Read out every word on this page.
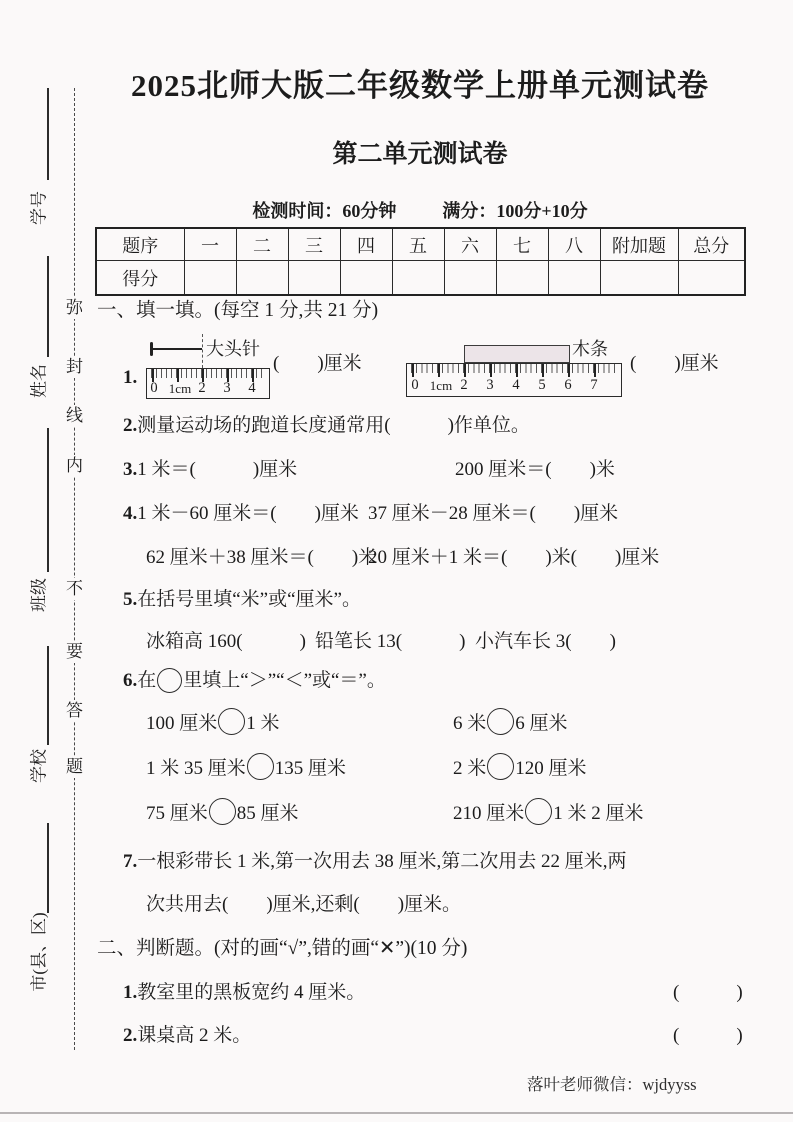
学号
姓名
班级
学校
市(县、区)
弥
封
线
内
不
要
答
题
2025北师大版二年级数学上册单元测试卷
第二单元测试卷
检测时间：60分钟	满分：100分+10分
题序	一	二	三	四	五	六	七	八	附加题	总分
得分										
一、填一填。(每空 1 分,共 21 分)
1.
大头针
0 1cm 2 3 4
(　　)厘米
木条
0 1cm 2 3 4 5 6 7
(　　)厘米
2.测量运动场的跑道长度通常用(　　　)作单位。
3.1 米＝(　　　)厘米	200 厘米＝(　　)米
4.1 米－60 厘米＝(　　)厘米 37 厘米－28 厘米＝(　　)厘米
62 厘米＋38 厘米＝(　　)米
20 厘米＋1 米＝(　　)米(　　)厘米
5.在括号里填“米”或“厘米”。
冰箱高 160(　　　) 铅笔长 13(　　　) 小汽车长 3(　　)
6. 在 里填上“＞”“＜”或“＝”。
100 厘米 1 米	6 米 6 厘米
1 米 35 厘米 135 厘米	2 米 120 厘米
75 厘米 85 厘米	210 厘米 1 米 2 厘米
7.一根彩带长 1 米,第一次用去 38 厘米,第二次用去 22 厘米,两
次共用去(　　)厘米,还剩(　　)厘米。
二、判断题。(对的画“√”,错的画“✕”)(10 分)
1.教室里的黑板宽约 4 厘米。	(　　　)
2.课桌高 2 米。	(　　　)
落叶老师微信：wjdyyss
